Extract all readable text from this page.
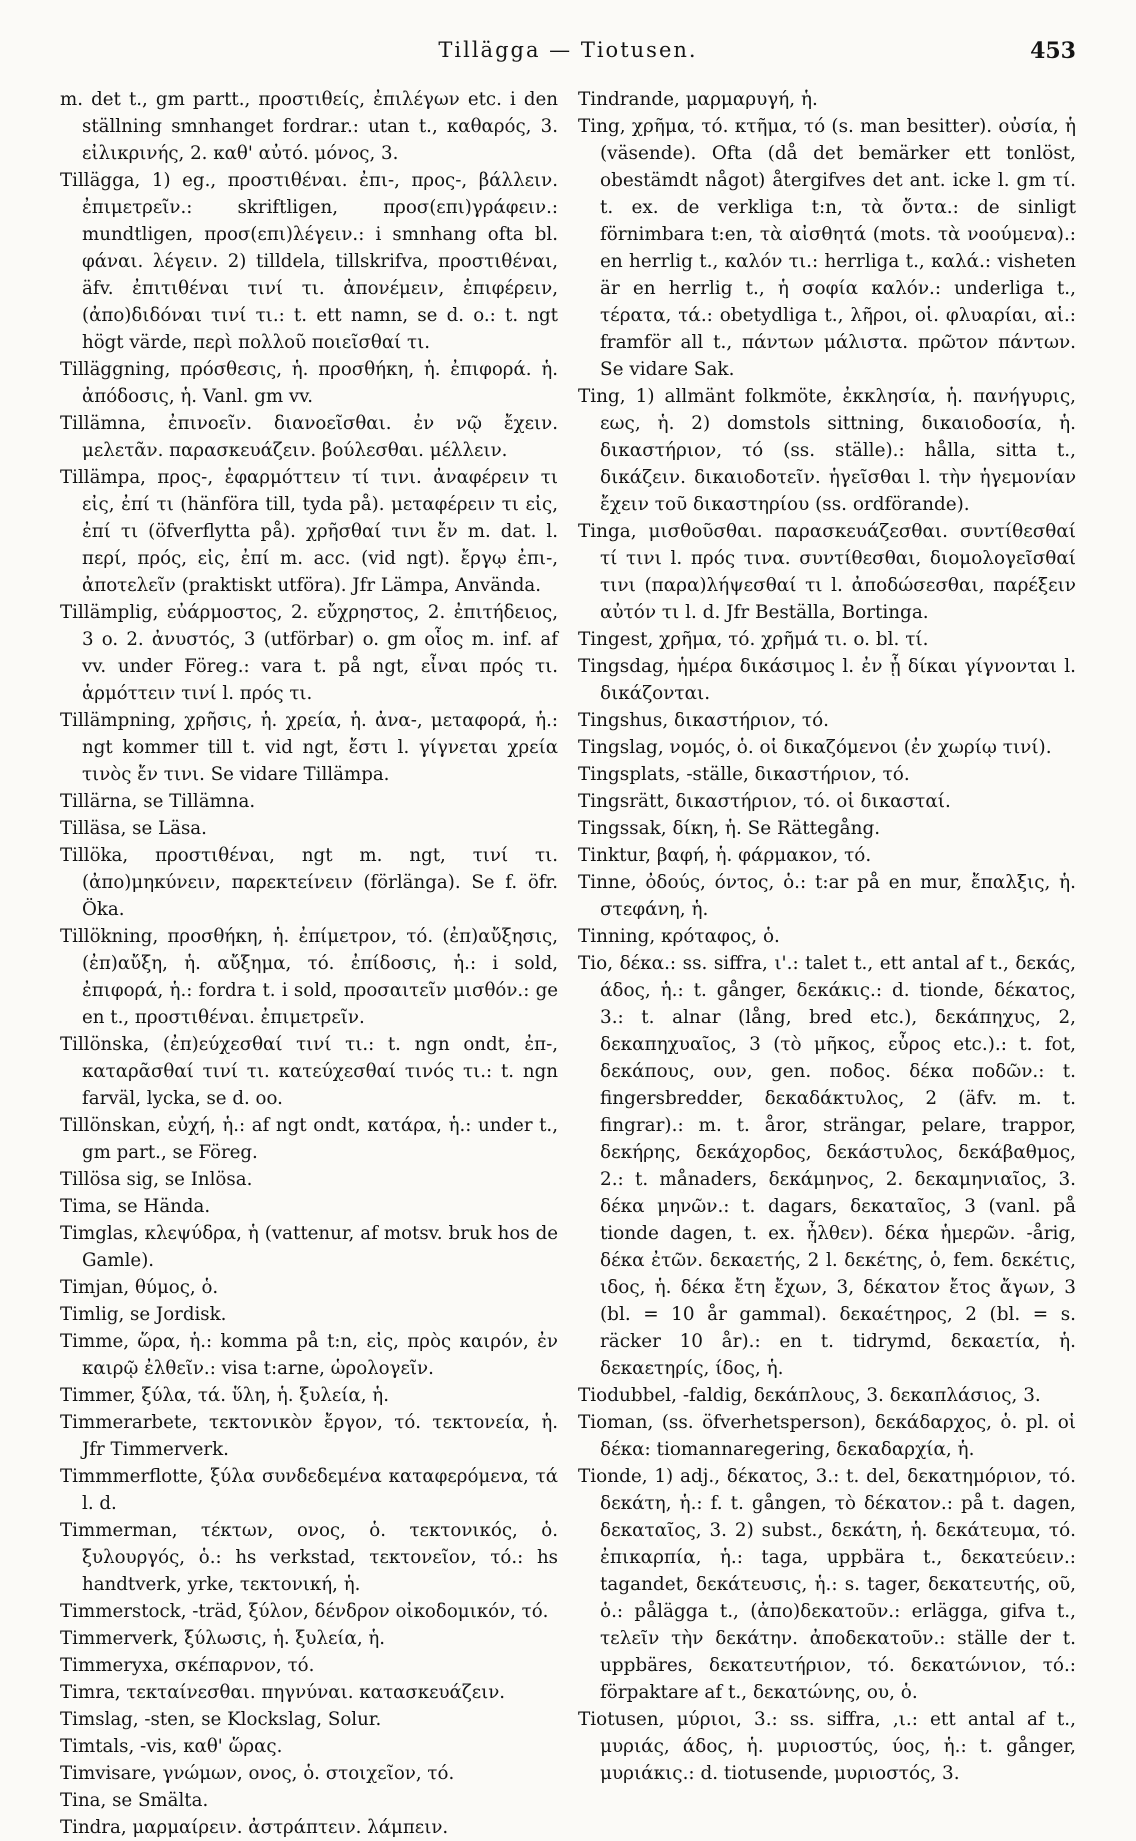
Tillägga — Tiotusen.	453

m. det t., gm partt., προστιθείς, ἐπιλέγων etc. i den ställning smnhanget fordrar.: utan t., καθαρός, 3. εἰλικρινής, 2. καθ' αὐτό. μόνος, 3.

Tillägga, 1) eg., προστιθέναι. ἐπι-, προς-, βάλλειν. ἐπιμετρεῖν.: skriftligen, προσ(επι)γράφειν.: mundtligen, προσ(επι)λέγειν.: i smnhang ofta bl. φάναι. λέγειν. 2) tilldela, tillskrifva, προστιθέναι, äfv. ἐπιτιθέναι τινί τι. ἀπονέμειν, ἐπιφέρειν, (ἀπο)διδόναι τινί τι.: t. ett namn, se d. o.: t. ngt högt värde, περὶ πολλοῦ ποιεῖσθαί τι.

Tilläggning, πρόσθεσις, ἡ. προσθήκη, ἡ. ἐπιφορά. ἡ. ἀπόδοσις, ἡ. Vanl. gm vv.

Tillämna, ἐπινοεῖν. διανοεῖσθαι. ἐν νῷ ἔχειν. μελετᾶν. παρασκευάζειν. βούλεσθαι. μέλλειν.

Tillämpa, προς-, ἐφαρμόττειν τί τινι. ἀναφέρειν τι εἰς, ἐπί τι (hänföra till, tyda på). μεταφέρειν τι εἰς, ἐπί τι (öfverflytta på). χρῆσθαί τινι ἔν m. dat. l. περί, πρός, εἰς, ἐπί m. acc. (vid ngt). ἔργῳ ἐπι-, ἀποτελεῖν (praktiskt utföra). Jfr Lämpa, Använda.

Tillämplig, εὐάρμοστος, 2. εὔχρηστος, 2. ἐπιτήδειος, 3 o. 2. ἀνυστός, 3 (utförbar) o. gm οἷος m. inf. af vv. under Föreg.: vara t. på ngt, εἶναι πρός τι. ἁρμόττειν τινί l. πρός τι.

Tillämpning, χρῆσις, ἡ. χρεία, ἡ. ἀνα-, μεταφορά, ἡ.: ngt kommer till t. vid ngt, ἔστι l. γίγνεται χρεία τινὸς ἔν τινι. Se vidare Tillämpa.

Tillärna, se Tillämna.

Tilläsa, se Läsa.

Tillöka, προστιθέναι, ngt m. ngt, τινί τι. (ἀπο)μηκύνειν, παρεκτείνειν (förlänga). Se f. öfr. Öka.

Tillökning, προσθήκη, ἡ. ἐπίμετρον, τό. (ἐπ)αὔξησις, (ἐπ)αὔξη, ἡ. αὔξημα, τό. ἐπίδοσις, ἡ.: i sold, ἐπιφορά, ἡ.: fordra t. i sold, προσαιτεῖν μισθόν.: ge en t., προστιθέναι. ἐπιμετρεῖν.

Tillönska, (ἐπ)εύχεσθαί τινί τι.: t. ngn ondt, ἐπ-, καταρᾶσθαί τινί τι. κατεύχεσθαί τινός τι.: t. ngn farväl, lycka, se d. oo.

Tillönskan, εὐχή, ἡ.: af ngt ondt, κατάρα, ἡ.: under t., gm part., se Föreg.

Tillösa sig, se Inlösa.

Tima, se Hända.

Timglas, κλεψύδρα, ἡ (vattenur, af motsv. bruk hos de Gamle).

Timjan, θύμος, ὁ.

Timlig, se Jordisk.

Timme, ὥρα, ἡ.: komma på t:n, εἰς, πρὸς καιρόν, ἐν καιρῷ ἐλθεῖν.: visa t:arne, ὡρολογεῖν.

Timmer, ξύλα, τά. ὕλη, ἡ. ξυλεία, ἡ.

Timmerarbete, τεκτονικὸν ἔργον, τό. τεκτονεία, ἡ. Jfr Timmerverk.

Timmmerflotte, ξύλα συνδεδεμένα καταφερόμενα, τά l. d.

Timmerman, τέκτων, ονος, ὁ. τεκτονικός, ὁ. ξυλουργός, ὁ.: hs verkstad, τεκτονεῖον, τό.: hs handtverk, yrke, τεκτονική, ἡ.

Timmerstock, -träd, ξύλον, δένδρον οἰκοδομικόν, τό.

Timmerverk, ξύλωσις, ἡ. ξυλεία, ἡ.

Timmeryxa, σκέπαρνον, τό.

Timra, τεκταίνεσθαι. πηγνύναι. κατασκευάζειν.

Timslag, -sten, se Klockslag, Solur.

Timtals, -vis, καθ' ὥρας.

Timvisare, γνώμων, ονος, ὁ. στοιχεῖον, τό.

Tina, se Smälta.

Tindra, μαρμαίρειν. ἀστράπτειν. λάμπειν.

Tindrande, μαρμαρυγή, ἡ.

Ting, χρῆμα, τό. κτῆμα, τό (s. man besitter). οὐσία, ἡ (väsende). Ofta (då det bemärker ett tonlöst, obestämdt något) återgifves det ant. icke l. gm τί. t. ex. de verkliga t:n, τὰ ὄντα.: de sinligt förnimbara t:en, τὰ αἰσθητά (mots. τὰ νοούμενα).: en herrlig t., καλόν τι.: herrliga t., καλά.: visheten är en herrlig t., ἡ σοφία καλόν.: underliga t., τέρατα, τά.: obetydliga t., λῆροι, οἱ. φλυαρίαι, αἱ.: framför all t., πάντων μάλιστα. πρῶτον πάντων. Se vidare Sak.

Ting, 1) allmänt folkmöte, ἐκκλησία, ἡ. πανήγυρις, εως, ἡ. 2) domstols sittning, δικαιοδοσία, ἡ. δικαστήριον, τό (ss. ställe).: hålla, sitta t., δικάζειν. δικαιοδοτεῖν. ἡγεῖσθαι l. τὴν ἡγεμονίαν ἔχειν τοῦ δικαστηρίου (ss. ordförande).

Tinga, μισθοῦσθαι. παρασκευάζεσθαι. συντίθεσθαί τί τινι l. πρός τινα. συντίθεσθαι, διομολογεῖσθαί τινι (παρα)λήψεσθαί τι l. ἀποδώσεσθαι, παρέξειν αὐτόν τι l. d. Jfr Beställa, Bortinga.

Tingest, χρῆμα, τό. χρῆμά τι. o. bl. τί.

Tingsdag, ἡμέρα δικάσιμος l. ἐν ᾗ δίκαι γίγνονται l. δικάζονται.

Tingshus, δικαστήριον, τό.

Tingslag, νομός, ὁ. οἱ δικαζόμενοι (ἐν χωρίῳ τινί).

Tingsplats, -ställe, δικαστήριον, τό.

Tingsrätt, δικαστήριον, τό. οἱ δικασταί.

Tingssak, δίκη, ἡ. Se Rättegång.

Tinktur, βαφή, ἡ. φάρμακον, τό.

Tinne, ὀδούς, όντος, ὁ.: t:ar på en mur, ἔπαλξις, ἡ. στεφάνη, ἡ.

Tinning, κρόταφος, ὁ.

Tio, δέκα.: ss. siffra, ι'.: talet t., ett antal af t., δεκάς, άδος, ἡ.: t. gånger, δεκάκις.: d. tionde, δέκατος, 3.: t. alnar (lång, bred etc.), δεκάπηχυς, 2, δεκαπηχυαῖος, 3 (τὸ μῆκος, εὖρος etc.).: t. fot, δεκάπους, ουν, gen. ποδος. δέκα ποδῶν.: t. fingersbredder, δεκαδάκτυλος, 2 (äfv. m. t. fingrar).: m. t. åror, strängar, pelare, trappor, δεκήρης, δεκάχορδος, δεκάστυλος, δεκάβαθμος, 2.: t. månaders, δεκάμηνος, 2. δεκαμηνιαῖος, 3. δέκα μηνῶν.: t. dagars, δεκαταῖος, 3 (vanl. på tionde dagen, t. ex. ἦλθεν). δέκα ἡμερῶν. -årig, δέκα ἐτῶν. δεκαετής, 2 l. δεκέτης, ὁ, fem. δεκέτις, ιδος, ἡ. δέκα ἔτη ἔχων, 3, δέκατον ἔτος ἄγων, 3 (bl. = 10 år gammal). δεκαέτηρος, 2 (bl. = s. räcker 10 år).: en t. tidrymd, δεκαετία, ἡ. δεκαετηρίς, ίδος, ἡ.

Tiodubbel, -faldig, δεκάπλους, 3. δεκαπλάσιος, 3.

Tioman, (ss. öfverhetsperson), δεκάδαρχος, ὁ. pl. οἱ δέκα: tiomannaregering, δεκαδαρχία, ἡ.

Tionde, 1) adj., δέκατος, 3.: t. del, δεκατημόριον, τό. δεκάτη, ἡ.: f. t. gången, τὸ δέκατον.: på t. dagen, δεκαταῖος, 3. 2) subst., δεκάτη, ἡ. δεκάτευμα, τό. ἐπικαρπία, ἡ.: taga, uppbära t., δεκατεύειν.: tagandet, δεκάτευσις, ἡ.: s. tager, δεκατευτής, οῦ, ὁ.: pålägga t., (ἀπο)δεκατοῦν.: erlägga, gifva t., τελεῖν τὴν δεκάτην. ἀποδεκατοῦν.: ställe der t. uppbäres, δεκατευτήριον, τό. δεκατώνιον, τό.: förpaktare af t., δεκατώνης, ου, ὁ.

Tiotusen, μύριοι, 3.: ss. siffra, ,ι.: ett antal af t., μυριάς, άδος, ἡ. μυριοστύς, ύος, ἡ.: t. gånger, μυριάκις.: d. tiotusende, μυριοστός, 3.
